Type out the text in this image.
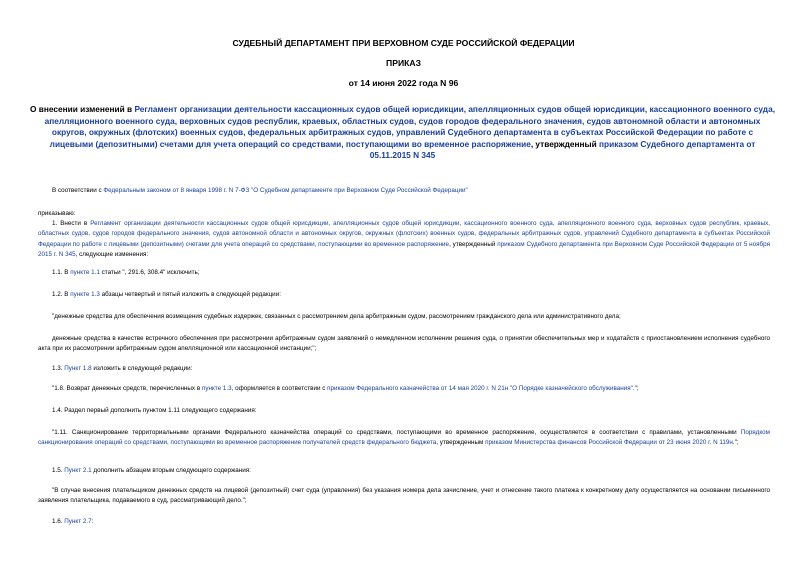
СУДЕБНЫЙ ДЕПАРТАМЕНТ ПРИ ВЕРХОВНОМ СУДЕ РОССИЙСКОЙ ФЕДЕРАЦИИ
ПРИКАЗ
от 14 июня 2022 года N 96
О внесении изменений в Регламент организации деятельности кассационных судов общей юрисдикции, апелляционных судов общей юрисдикции, кассационного военного суда, апелляционного военного суда, верховных судов республик, краевых, областных судов, судов городов федерального значения, судов автономной области и автономных округов, окружных (флотских) военных судов, федеральных арбитражных судов, управлений Судебного департамента в субъектах Российской Федерации по работе с лицевыми (депозитными) счетами для учета операций со средствами, поступающими во временное распоряжение, утвержденный приказом Судебного департамента от 05.11.2015 N 345
В соответствии с Федеральным законом от 8 января 1998 г. N 7-ФЗ "О Судебном департаменте при Верховном Суде Российской Федерации"
приказываю:
1. Внести в Регламент организации деятельности кассационных судов общей юрисдикции, апелляционных судов общей юрисдикции, кассационного военного суда, апелляционного военного суда, верховных судов республик, краевых, областных судов, судов городов федерального значения, судов автономной области и автономных округов, окружных (флотских) военных судов, федеральных арбитражных судов, управлений Судебного департамента в субъектах Российской Федерации по работе с лицевыми (депозитными) счетами для учета операций со средствами, поступающими во временное распоряжение, утвержденный приказом Судебного департамента при Верховном Суде Российской Федерации от 5 ноября 2015 г. N 345, следующие изменения:
1.1. В пункте 1.1 статьи ", 291.6, 308.4" исключить;
1.2. В пункте 1.3 абзацы четвертый и пятый изложить в следующей редакции:
"денежные средства для обеспечения возмещения судебных издержек, связанных с рассмотрением дела арбитражным судом, рассмотрением гражданского дела или административного дела;
денежные средства в качестве встречного обеспечения при рассмотрении арбитражным судом заявлений о немедленном исполнении решения суда, о принятии обеспечительных мер и ходатайств с приостановлением исполнения судебного акта при их рассмотрении арбитражным судом апелляционной или кассационной инстанции;";
1.3. Пункт 1.8 изложить в следующей редакции:
"1.8. Возврат денежных средств, перечисленных в пункте 1.3, оформляется в соответствии с приказом Федерального казначейства от 14 мая 2020 г. N 21н "О Порядке казначейского обслуживания".";
1.4. Раздел первый дополнить пунктом 1.11 следующего содержания:
"1.11. Санкционирование территориальными органами Федерального казначейства операций со средствами, поступающими во временное распоряжение, осуществляется в соответствии с правилами, установленными Порядком санкционирования операций со средствами, поступающими во временное распоряжение получателей средств федерального бюджета, утвержденным приказом Министерства финансов Российской Федерации от 23 июня 2020 г. N 119н.";
1.5. Пункт 2.1 дополнить абзацем вторым следующего содержания:
"В случае внесения плательщиком денежных средств на лицевой (депозитный) счет суда (управления) без указания номера дела зачисление, учет и отнесение такого платежа к конкретному делу осуществляется на основании письменного заявления плательщика, подаваемого в суд, рассматривающий дело.";
1.6. Пункт 2.7:
